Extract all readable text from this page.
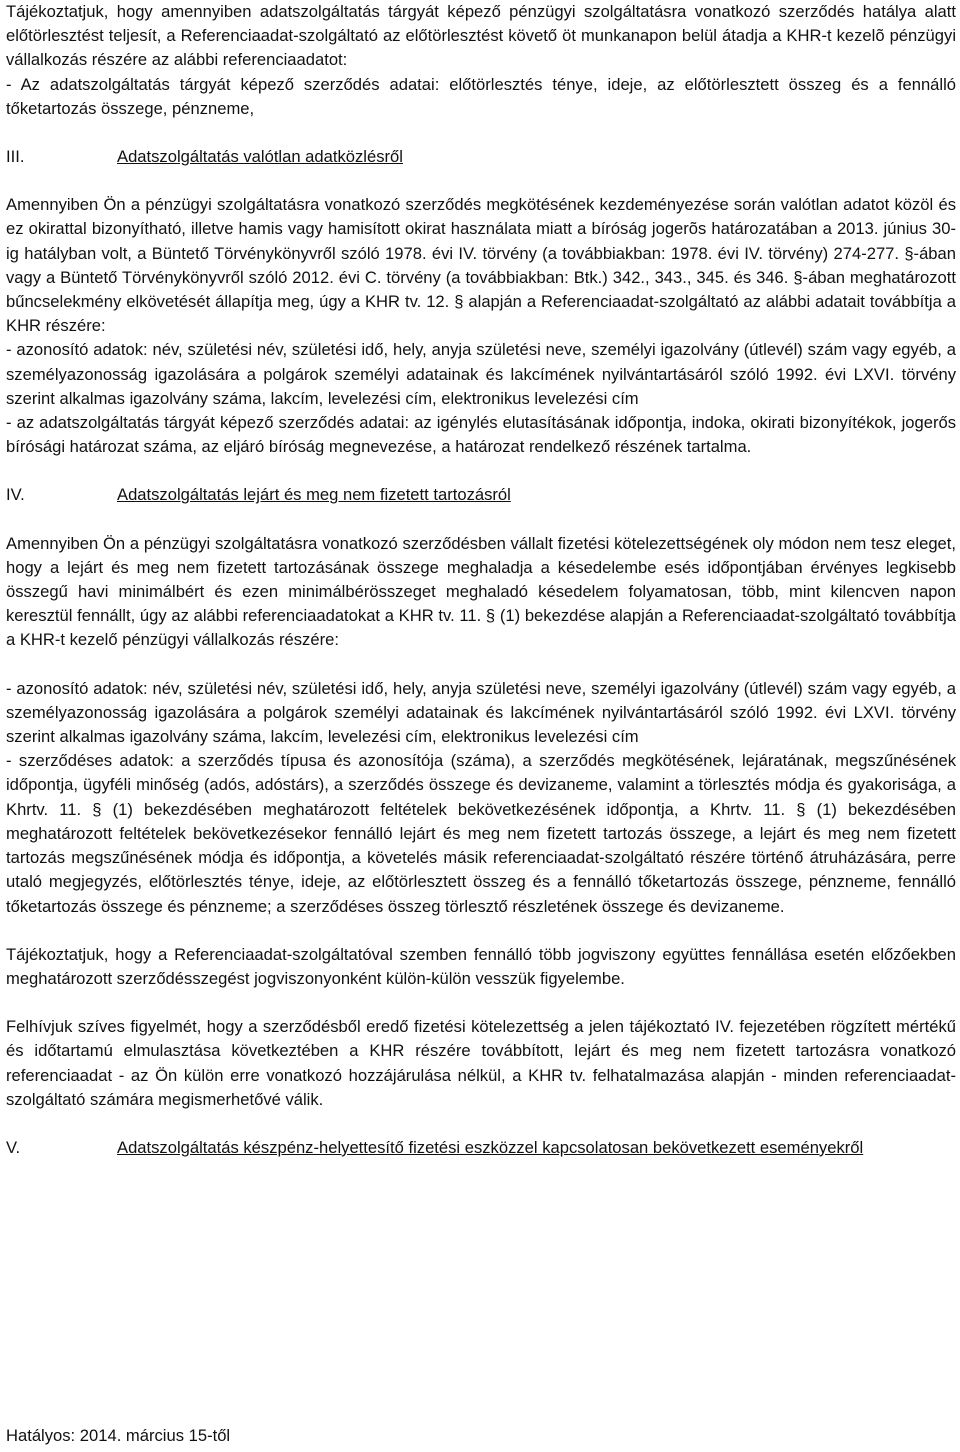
Tájékoztatjuk, hogy amennyiben adatszolgáltatás tárgyát képező pénzügyi szolgáltatásra vonatkozó szerződés hatálya alatt előtörlesztést teljesít, a Referenciaadat-szolgáltató az előtörlesztést követő öt munkanapon belül átadja a KHR-t kezelõ pénzügyi vállalkozás részére az alábbi referenciaadatot:

- Az adatszolgáltatás tárgyát képező szerződés adatai: előtörlesztés ténye, ideje, az előtörlesztett összeg és a fennálló tőketartozás összege, pénzneme,

III.	Adatszolgáltatás valótlan adatközlésről

Amennyiben Ön a pénzügyi szolgáltatásra vonatkozó szerződés megkötésének kezdeményezése során valótlan adatot közöl és ez okirattal bizonyítható, illetve hamis vagy hamisított okirat használata miatt a bíróság jogerõs határozatában a 2013. június 30-ig hatályban volt, a Büntető Törvénykönyvről szóló 1978. évi IV. törvény (a továbbiakban: 1978. évi IV. törvény) 274-277. §-ában vagy a Büntető Törvénykönyvről szóló 2012. évi C. törvény (a továbbiakban: Btk.) 342., 343., 345. és 346. §-ában meghatározott bűncselekmény elkövetését állapítja meg, úgy a KHR tv. 12. § alapján a Referenciaadat-szolgáltató az alábbi adatait továbbítja a KHR részére:

- azonosító adatok: név, születési név, születési idő, hely, anyja születési neve, személyi igazolvány (útlevél) szám vagy egyéb, a személyazonosság igazolására a polgárok személyi adatainak és lakcímének nyilvántartásáról szóló 1992. évi LXVI. törvény szerint alkalmas igazolvány száma, lakcím, levelezési cím, elektronikus levelezési cím

- az adatszolgáltatás tárgyát képező szerződés adatai: az igénylés elutasításának időpontja, indoka, okirati bizonyítékok, jogerős bírósági határozat száma, az eljáró bíróság megnevezése, a határozat rendelkező részének tartalma.

IV.	Adatszolgáltatás lejárt és meg nem fizetett tartozásról

Amennyiben Ön a pénzügyi szolgáltatásra vonatkozó szerződésben vállalt fizetési kötelezettségének oly módon nem tesz eleget, hogy a lejárt és meg nem fizetett tartozásának összege meghaladja a késedelembe esés időpontjában érvényes legkisebb összegű havi minimálbért és ezen minimálbérösszeget meghaladó késedelem folyamatosan, több, mint kilencven napon keresztül fennállt, úgy az alábbi referenciaadatokat a KHR tv. 11. § (1) bekezdése alapján a Referenciaadat-szolgáltató továbbítja a KHR-t kezelő pénzügyi vállalkozás részére:

- azonosító adatok: név, születési név, születési idő, hely, anyja születési neve, személyi igazolvány (útlevél) szám vagy egyéb, a személyazonosság igazolására a polgárok személyi adatainak és lakcímének nyilvántartásáról szóló 1992. évi LXVI. törvény szerint alkalmas igazolvány száma, lakcím, levelezési cím, elektronikus levelezési cím

- szerződéses adatok: a szerződés típusa és azonosítója (száma), a szerződés megkötésének, lejáratának, megszűnésének időpontja, ügyféli minőség (adós, adóstárs), a szerződés összege és devizaneme, valamint a törlesztés módja és gyakorisága, a Khrtv. 11. § (1) bekezdésében meghatározott feltételek bekövetkezésének időpontja, a Khrtv. 11. § (1) bekezdésében meghatározott feltételek bekövetkezésekor fennálló lejárt és meg nem fizetett tartozás összege, a lejárt és meg nem fizetett tartozás megszűnésének módja és időpontja, a követelés másik referenciaadat-szolgáltató részére történő átruházására, perre utaló megjegyzés, előtörlesztés ténye, ideje, az előtörlesztett összeg és a fennálló tőketartozás összege, pénzneme, fennálló tőketartozás összege és pénzneme; a szerződéses összeg törlesztő részletének összege és devizaneme.

Tájékoztatjuk, hogy a Referenciaadat-szolgáltatóval szemben fennálló több jogviszony együttes fennállása esetén előzőekben meghatározott szerződésszegést jogviszonyonként külön-külön vesszük figyelembe.

Felhívjuk szíves figyelmét, hogy a szerződésből eredő fizetési kötelezettség a jelen tájékoztató IV. fejezetében rögzített mértékű és időtartamú elmulasztása következtében a KHR részére továbbított, lejárt és meg nem fizetett tartozásra vonatkozó referenciaadat - az Ön külön erre vonatkozó hozzájárulása nélkül, a KHR tv. felhatalmazása alapján - minden referenciaadat-szolgáltató számára megismerhetővé válik.

V.	Adatszolgáltatás készpénz-helyettesítő fizetési eszközzel kapcsolatosan bekövetkezett eseményekről
Hatályos: 2014. március 15-től
